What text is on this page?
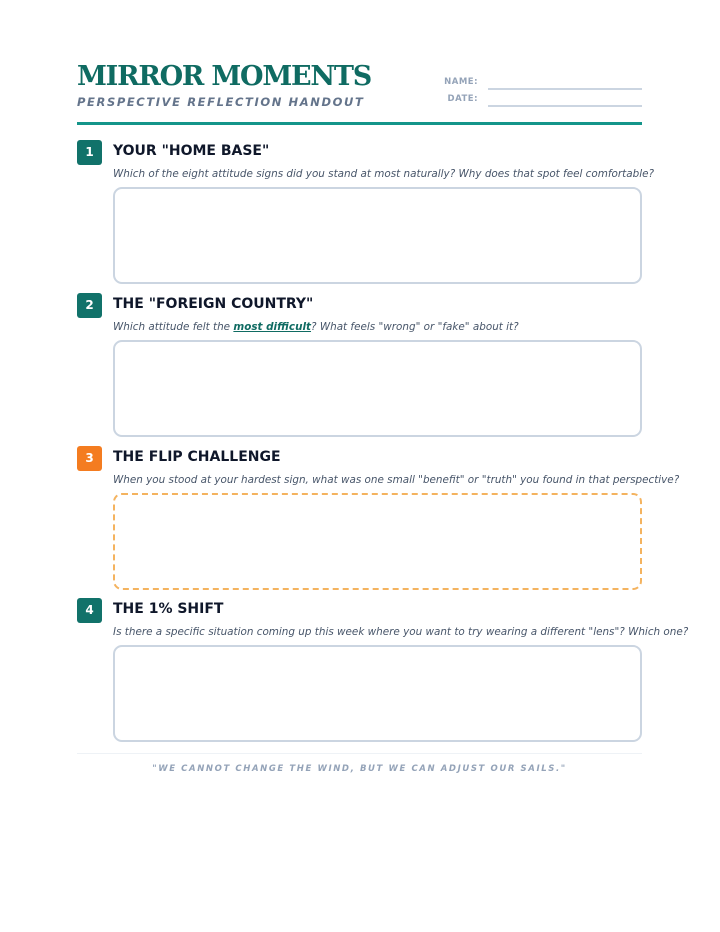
MIRROR MOMENTS
PERSPECTIVE REFLECTION HANDOUT
NAME:
DATE:
1	YOUR "HOME BASE"
Which of the eight attitude signs did you stand at most naturally? Why does that spot feel comfortable?
2	THE "FOREIGN COUNTRY"
Which attitude felt the most difficult? What feels "wrong" or "fake" about it?
3	THE FLIP CHALLENGE
When you stood at your hardest sign, what was one small "benefit" or "truth" you found in that perspective?
4	THE 1% SHIFT
Is there a specific situation coming up this week where you want to try wearing a different "lens"? Which one?
"WE CANNOT CHANGE THE WIND, BUT WE CAN ADJUST OUR SAILS."
